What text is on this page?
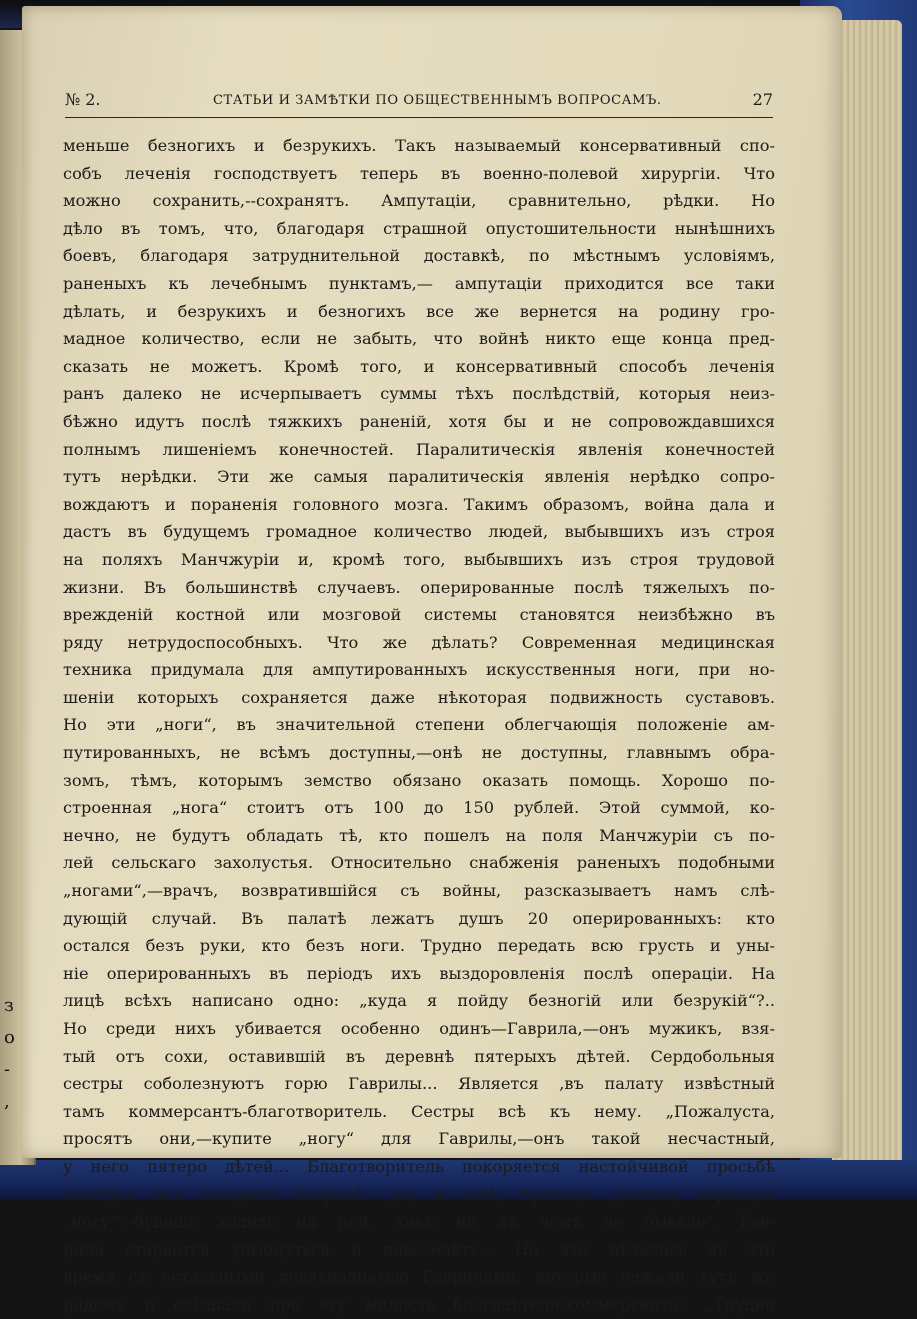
з
о
-
,
№ 2.	СТАТЬИ И ЗАМѢТКИ ПО ОБЩЕСТВЕННЫМЪ ВОПРОСАМЪ.	27
меньше безногихъ и безрукихъ. Такъ называемый консервативный спо-
собъ леченія господствуетъ теперь въ военно-полевой хирургіи. Что
можно сохранить,--сохранятъ. Ампутаціи, сравнительно, рѣдки. Но
дѣло въ томъ, что, благодаря страшной опустошительности нынѣшнихъ
боевъ, благодаря затруднительной доставкѣ, по мѣстнымъ условіямъ,
раненыхъ къ лечебнымъ пунктамъ,— ампутаціи приходится все таки
дѣлать, и безрукихъ и безногихъ все же вернется на родину гро-
мадное количество, если не забыть, что войнѣ никто еще конца пред-
сказать не можетъ. Кромѣ того, и консервативный способъ леченія
ранъ далеко не исчерпываетъ суммы тѣхъ послѣдствій, которыя неиз-
бѣжно идутъ послѣ тяжкихъ раненій, хотя бы и не сопровождавшихся
полнымъ лишеніемъ конечностей. Паралитическія явленія конечностей
тутъ нерѣдки. Эти же самыя паралитическія явленія нерѣдко сопро-
вождаютъ и пораненія головного мозга. Такимъ образомъ, война дала и
дастъ въ будущемъ громадное количество людей, выбывшихъ изъ строя
на поляхъ Манчжуріи и, кромѣ того, выбывшихъ изъ строя трудовой
жизни. Въ большинствѣ случаевъ. оперированные послѣ тяжелыхъ по-
врежденій костной или мозговой системы становятся неизбѣжно въ
ряду нетрудоспособныхъ. Что же дѣлать? Современная медицинская
техника придумала для ампутированныхъ искусственныя ноги, при но-
шеніи которыхъ сохраняется даже нѣкоторая подвижность суставовъ.
Но эти „ноги“, въ значительной степени облегчающія положеніе ам-
путированныхъ, не всѣмъ доступны,—онѣ не доступны, главнымъ обра-
зомъ, тѣмъ, которымъ земство обязано оказать помощь. Хорошо по-
строенная „нога“ стоитъ отъ 100 до 150 рублей. Этой суммой, ко-
нечно, не будутъ обладать тѣ, кто пошелъ на поля Манчжуріи съ по-
лей сельскаго захолустья. Относительно снабженія раненыхъ подобными
„ногами“,—врачъ, возвратившійся съ войны, разсказываетъ намъ слѣ-
дующій случай. Въ палатѣ лежатъ душъ 20 оперированныхъ: кто
остался безъ руки, кто безъ ноги. Трудно передать всю грусть и уны-
ніе оперированныхъ въ періодъ ихъ выздоровленія послѣ операціи. На
лицѣ всѣхъ написано одно: „куда я пойду безногій или безрукій“?..
Но среди нихъ убивается особенно одинъ—Гаврила,—онъ мужикъ, взя-
тый отъ сохи, оставившій въ деревнѣ пятерыхъ дѣтей. Сердобольныя
сестры соболезнуютъ горю Гаврилы... Является ,въ палату извѣстный
тамъ коммерсантъ-благотворитель. Сестры всѣ къ нему. „Пожалуста,
просятъ они,—купите „ногу“ для Гаврилы,—онъ такой несчастный,
у него пятеро дѣтей... Благотворитель покоряется настойчивой просьбѣ
сестеръ: онъ говоритъ Гаврилѣ: „ну я тебѣ, братецъ, достану хорошую
„ногу“,--будешь ходить на ней, какъ ни въ чемъ не бывало“. Гав-
рила старается улыбнуться и повеселѣть... Но что дѣлалось въ это
время съ остальными девятнадцатью Гаврилами, которые лежали тутъ же
рядомъ и слышали про эту милость благодѣтеля-коммерсанта? „Трудно
